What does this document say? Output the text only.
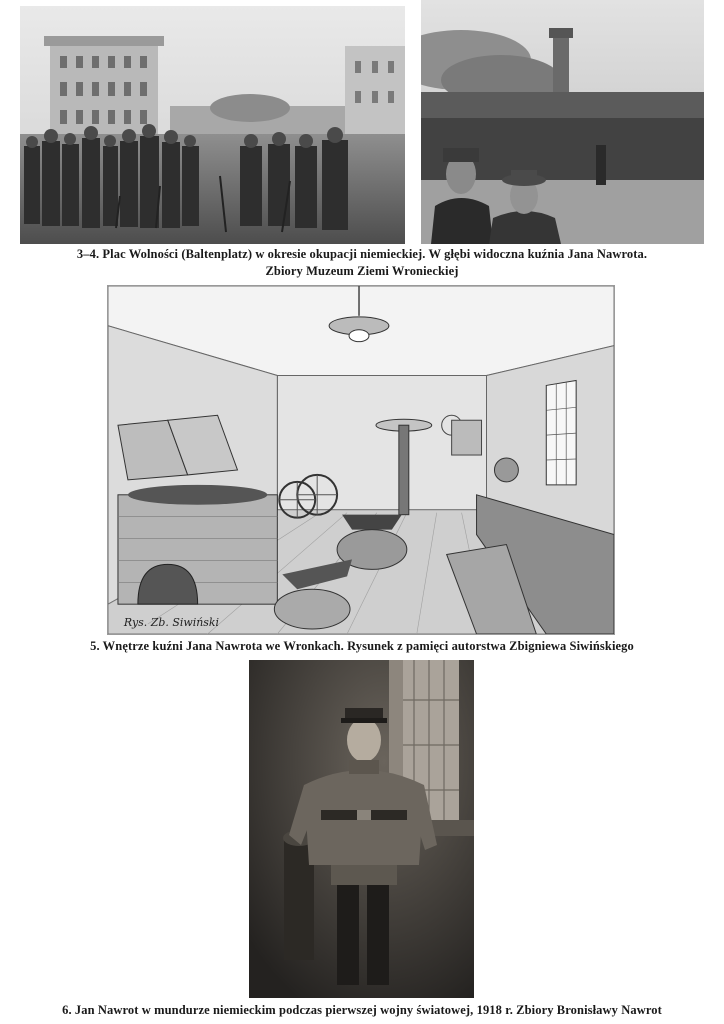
3–4. Plac Wolności (Baltenplatz) w okresie okupacji niemieckiej. W głębi widoczna kuźnia Jana Nawrota.
Zbiory Muzeum Ziemi Wronieckiej
Rys. Zb. Siwiński
5. Wnętrze kuźni Jana Nawrota we Wronkach. Rysunek z pamięci autorstwa Zbigniewa Siwińskiego
6. Jan Nawrot w mundurze niemieckim podczas pierwszej wojny światowej, 1918 r. Zbiory Bronisławy Nawrot
